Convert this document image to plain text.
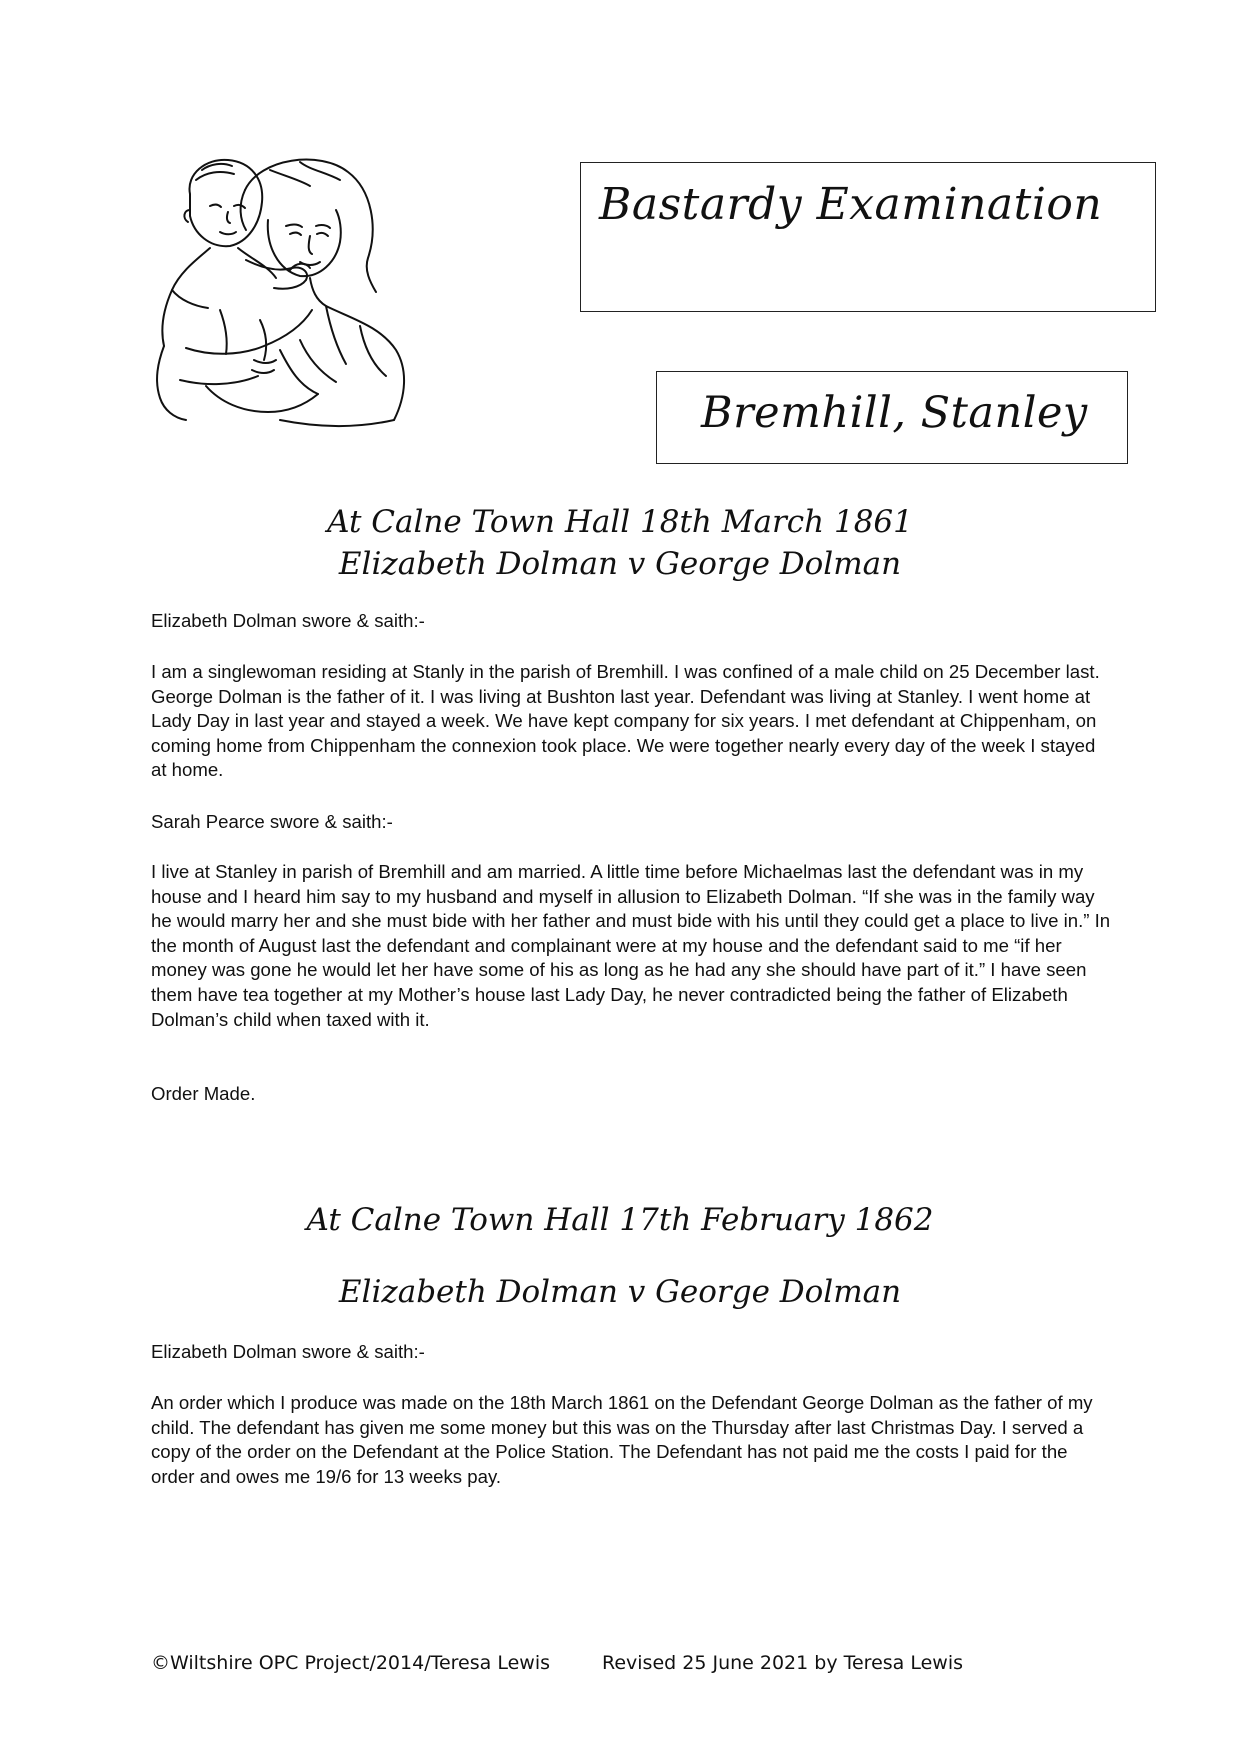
Bastardy Examination
Bremhill, Stanley
At Calne Town Hall 18th March 1861
Elizabeth Dolman v George Dolman

Elizabeth Dolman swore & saith:-

I am a singlewoman residing at Stanly in the parish of Bremhill. I was confined of a male child on 25 December last. George Dolman is the father of it. I was living at Bushton last year. Defendant was living at Stanley. I went home at Lady Day in last year and stayed a week. We have kept company for six years. I met defendant at Chippenham, on coming home from Chippenham the connexion took place. We were together nearly every day of the week I stayed at home.

Sarah Pearce swore & saith:-

I live at Stanley in parish of Bremhill and am married. A little time before Michaelmas last the defendant was in my house and I heard him say to my husband and myself in allusion to Elizabeth Dolman. “If she was in the family way he would marry her and she must bide with her father and must bide with his until they could get a place to live in.” In the month of August last the defendant and complainant were at my house and the defendant said to me “if her money was gone he would let her have some of his as long as he had any she should have part of it.” I have seen them have tea together at my Mother’s house last Lady Day, he never contradicted being the father of Elizabeth Dolman’s child when taxed with it.

Order Made.

At Calne Town Hall 17th February 1862
Elizabeth Dolman v George Dolman

Elizabeth Dolman swore & saith:-

An order which I produce was made on the 18th March 1861 on the Defendant George Dolman as the father of my child. The defendant has given me some money but this was on the Thursday after last Christmas Day. I served a copy of the order on the Defendant at the Police Station. The Defendant has not paid me the costs I paid for the order and owes me 19/6 for 13 weeks pay.

©Wiltshire OPC Project/2014/Teresa Lewis	Revised 25 June 2021 by Teresa Lewis
